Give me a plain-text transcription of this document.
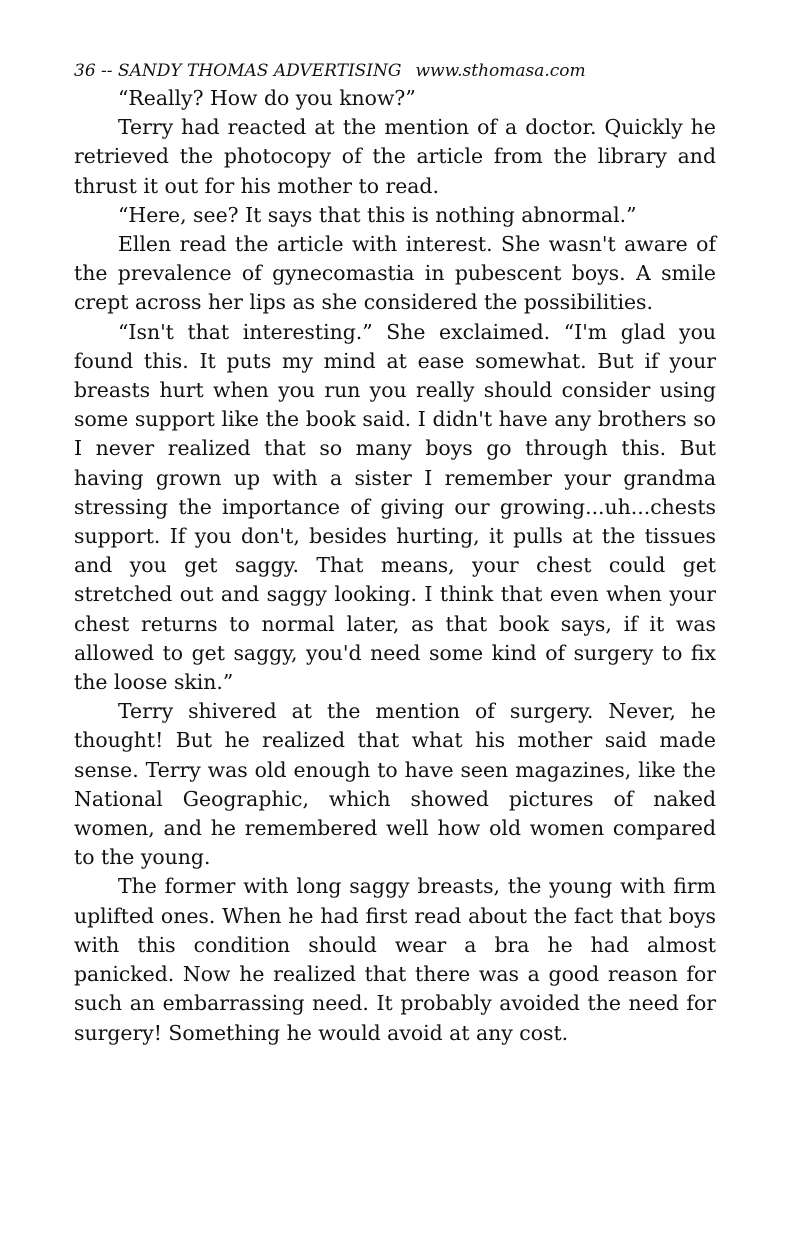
36 -- SANDY THOMAS ADVERTISING www.sthomasa.com

“Really? How do you know?”

Terry had reacted at the mention of a doctor. Quickly he retrieved the photocopy of the article from the library and thrust it out for his mother to read.

“Here, see? It says that this is nothing abnormal.”

Ellen read the article with interest. She wasn't aware of the prevalence of gynecomastia in pubescent boys. A smile crept across her lips as she considered the possibilities.

“Isn't that interesting.” She exclaimed. “I'm glad you found this. It puts my mind at ease somewhat. But if your breasts hurt when you run you really should consider using some support like the book said. I didn't have any brothers so I never realized that so many boys go through this. But having grown up with a sister I remember your grandma stressing the importance of giving our growing...uh...chests support. If you don't, besides hurting, it pulls at the tissues and you get saggy. That means, your chest could get stretched out and saggy looking. I think that even when your chest returns to normal later, as that book says, if it was allowed to get saggy, you'd need some kind of surgery to fix the loose skin.”

Terry shivered at the mention of surgery. Never, he thought! But he realized that what his mother said made sense. Terry was old enough to have seen magazines, like the National Geographic, which showed pictures of naked women, and he remembered well how old women compared to the young.

The former with long saggy breasts, the young with firm uplifted ones. When he had first read about the fact that boys with this condition should wear a bra he had almost panicked. Now he realized that there was a good reason for such an embarrassing need. It probably avoided the need for surgery! Something he would avoid at any cost.
